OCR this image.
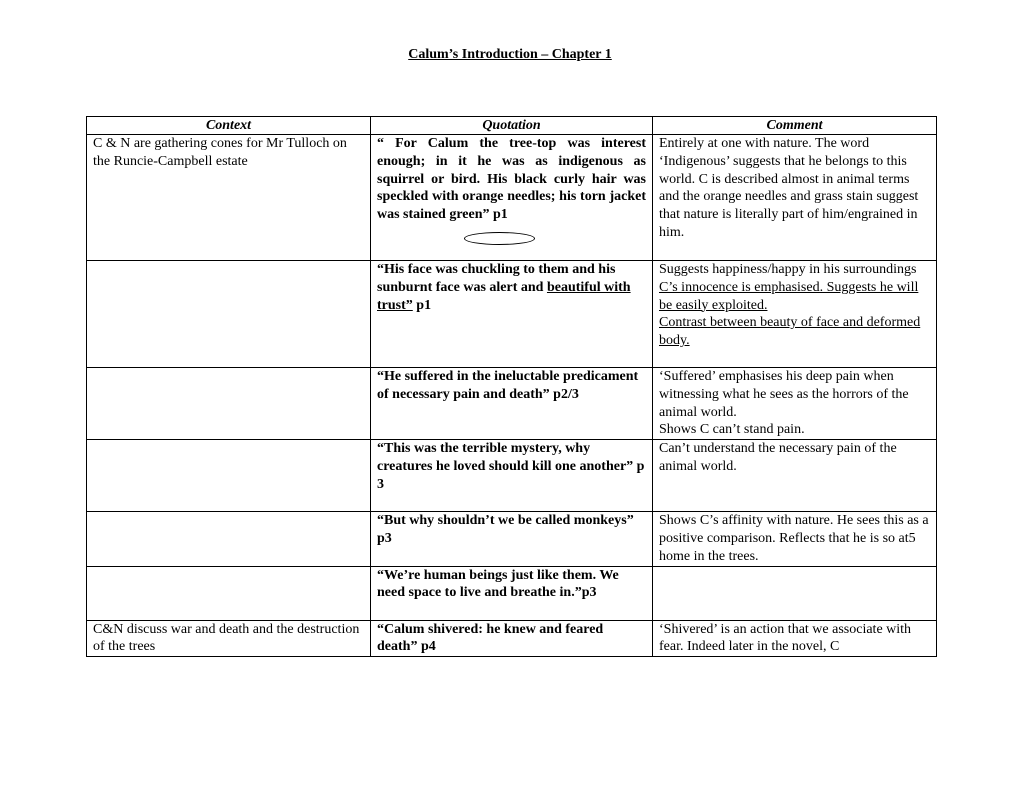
Calum’s Introduction – Chapter 1
Context	Quotation	Comment
C & N are gathering cones for Mr Tulloch on the Runcie-Campbell estate	“ For Calum the tree-top was interest enough; in it he was as indigenous as squirrel or bird. His black curly hair was speckled with orange needles; his torn jacket was stained green” p1	Entirely at one with nature. The word ‘Indigenous’ suggests that he belongs to this world. C is described almost in animal terms and the orange needles and grass stain suggest that nature is literally part of him/engrained in him.
	“His face was chuckling to them and his sunburnt face was alert and beautiful with trust” p1	Suggests happiness/happy in his surroundings
C’s innocence is emphasised. Suggests he will be easily exploited.
Contrast between beauty of face and deformed body.

	“He suffered in the ineluctable predicament of necessary pain and death” p2/3	‘Suffered’ emphasises his deep pain when witnessing what he sees as the horrors of the animal world.
Shows C can’t stand pain.

	“This was the terrible mystery, why creatures he loved should kill one another” p 3	Can’t understand the necessary pain of the animal world.
	“But why shouldn’t we be called monkeys” p3	Shows C’s affinity with nature. He sees this as a positive comparison. Reflects that he is so at5 home in the trees.
	“We’re human beings just like them. We need space to live and breathe in.”p3	
C&N discuss war and death and the destruction of the trees	“Calum shivered: he knew and feared death” p4	‘Shivered’ is an action that we associate with fear. Indeed later in the novel, C
